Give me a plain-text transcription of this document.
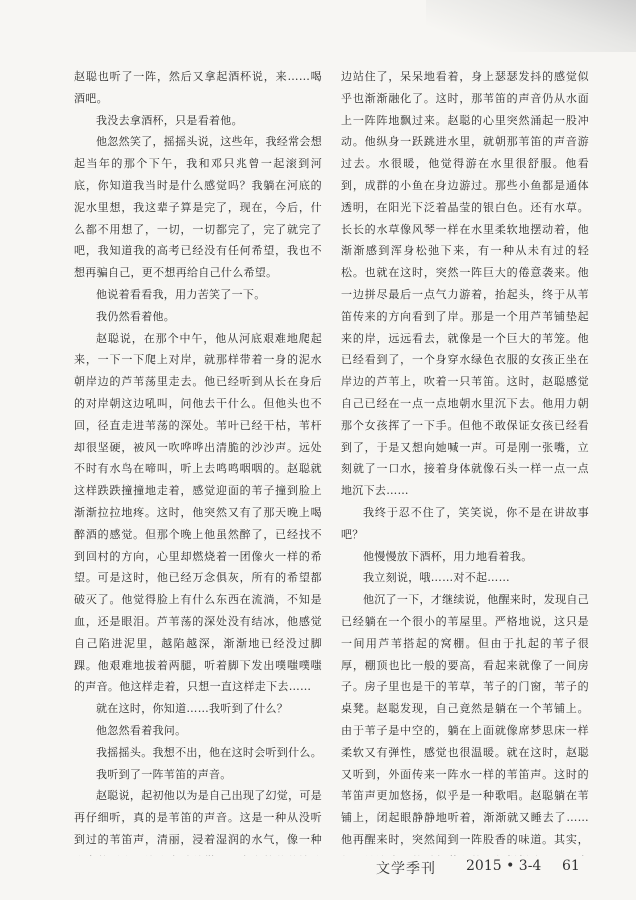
赵聪也听了一阵，然后又拿起酒杯说，来……喝酒吧。

我没去拿酒杯，只是看着他。

他忽然笑了，摇摇头说，这些年，我经常会想起当年的那个下午，我和邓只兆曾一起滚到河底，你知道我当时是什么感觉吗？我躺在河底的泥水里想，我这辈子算是完了，现在，今后，什么都不用想了，一切，一切都完了，完了就完了吧，我知道我的高考已经没有任何希望，我也不想再骗自己，更不想再给自己什么希望。

他说着看看我，用力苦笑了一下。

我仍然看着他。

赵聪说，在那个中午，他从河底艰难地爬起来，一下一下爬上对岸，就那样带着一身的泥水朝岸边的芦苇荡里走去。他已经听到从长在身后的对岸朝这边吼叫，问他去干什么。但他头也不回，径直走进苇荡的深处。苇叶已经干枯，苇杆却很坚硬，被风一吹哗哗出清脆的沙沙声。远处不时有水鸟在啼叫，听上去鸣鸣咽咽的。赵聪就这样跌跌撞撞地走着，感觉迎面的苇子撞到脸上渐渐拉拉地疼。这时，他突然又有了那天晚上喝醉酒的感觉。但那个晚上他虽然醉了，已经找不到回村的方向，心里却燃烧着一团像火一样的希望。可是这时，他已经万念俱灰，所有的希望都破灭了。他觉得脸上有什么东西在流淌，不知是血，还是眼泪。芦苇荡的深处没有结冰，他感觉自己陷进泥里，越陷越深，渐渐地已经没过脚踝。他艰难地拔着两腿，听着脚下发出噗嗤噗嗤的声音。他这样走着，只想一直这样走下去……

就在这时，你知道……我听到了什么？

他忽然看着我问。

我摇摇头。我想不出，他在这时会听到什么。

我听到了一阵苇笛的声音。

赵聪说，起初他以为是自己出现了幻觉，可是再仔细听，真的是苇笛的声音。这是一种从没听到过的苇笛声，清丽，浸着湿润的水气，像一种

边站住了，呆呆地看着，身上瑟瑟发抖的感觉似乎也渐渐融化了。这时，那苇笛的声音仍从水面上一阵阵地飘过来。赵聪的心里突然涌起一股冲动。他纵身一跃跳进水里，就朝那苇笛的声音游过去。水很暖，他觉得游在水里很舒服。他看到，成群的小鱼在身边游过。那些小鱼都是通体透明，在阳光下泛着晶莹的银白色。还有水草。长长的水草像风琴一样在水里柔软地摆动着，他渐渐感到浑身松弛下来，有一种从未有过的轻松。也就在这时，突然一阵巨大的倦意袭来。他一边拼尽最后一点气力游着，抬起头，终于从苇笛传来的方向看到了岸。那是一个用芦苇铺垫起来的岸，远远看去，就像是一个巨大的苇笼。他已经看到了，一个身穿水绿色衣服的女孩正坐在岸边的芦苇上，吹着一只苇笛。这时，赵聪感觉自己已经在一点一点地朝水里沉下去。他用力朝那个女孩挥了一下手。但他不敢保证女孩已经看到了，于是又想向她喊一声。可是刚一张嘴，立刻就了一口水，接着身体就像石头一样一点一点地沉下去……

我终于忍不住了，笑笑说，你不是在讲故事吧？

他慢慢放下酒杯，用力地看着我。

我立刻说，哦……对不起……

他沉了一下，才继续说，他醒来时，发现自己已经躺在一个很小的苇屋里。严格地说，这只是一间用芦苇搭起的窝棚。但由于扎起的苇子很厚，棚顶也比一般的要高，看起来就像了一间房子。房子里也是干的苇草，苇子的门窗，苇子的桌凳。赵聪发现，自己竟然是躺在一个苇铺上。由于苇子是中空的，躺在上面就像席梦思床一样柔软又有弹性，感觉也很温暖。就在这时，赵聪又听到，外面传来一阵水一样的苇笛声。这时的苇笛声更加悠扬，似乎是一种歌唱。赵聪躺在苇铺上，闭起眼静静地听着，渐渐就又睡去了……他再醒来时，突然闻到一阵股香的味道。其实，

文学季刊 2015 • 3-4 61
